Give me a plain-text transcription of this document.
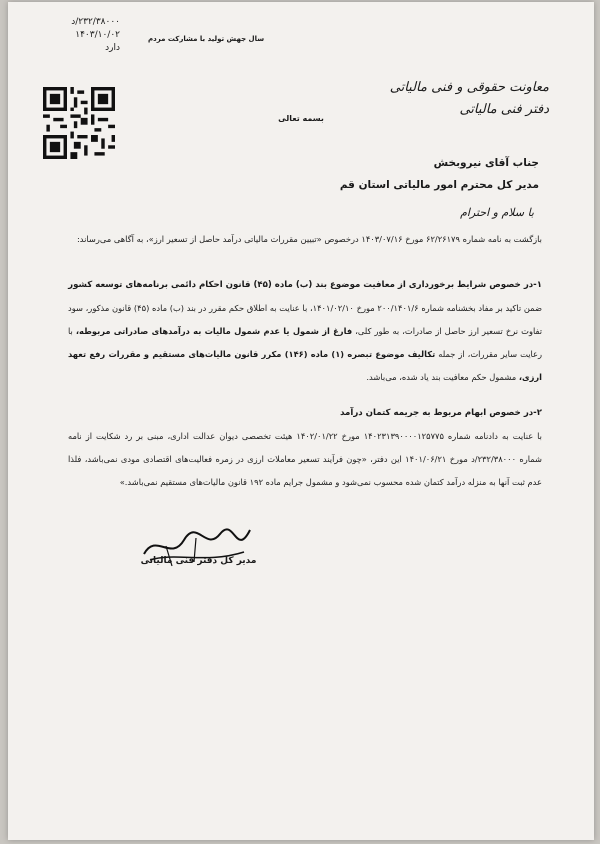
۲۳۲/۳۸۰۰۰/د
۱۴۰۳/۱۰/۰۲
دارد
سال جهش تولید با مشارکت مردم
معاونت حقوقی و فنی مالیاتی
دفتر فنی مالیاتی
بسمه تعالی
جناب آقای نیروبخش
مدیر کل محترم امور مالیاتی استان قم
با سلام و احترام
بازگشت به نامه شماره ۶۲/۲۶۱۷۹ مورخ ۱۴۰۳/۰۷/۱۶ درخصوص «تبیین مقررات مالیاتی درآمد حاصل از تسعیر ارز»، به آگاهی می‌رساند:
۱-در خصوص شرایط برخورداری از معافیت موضوع بند (ب) ماده (۴۵) قانون احکام دائمی برنامه‌های توسعه کشور
ضمن تاکید بر مفاد بخشنامه شماره ۲۰۰/۱۴۰۱/۶ مورخ ۱۴۰۱/۰۲/۱۰، با عنایت به اطلاق حکم مقرر در بند (ب) ماده (۴۵) قانون مذکور، سود تفاوت نرخ تسعیر ارز حاصل از صادرات، به طور کلی، فارغ از شمول یا عدم شمول مالیات به درآمدهای صادراتی مربوطه، با رعایت سایر مقررات، از جمله تکالیف موضوع تبصره (۱) ماده (۱۴۶) مکرر قانون مالیات‌های مستقیم و مقررات رفع تعهد ارزی، مشمول حکم معافیت بند یاد شده، می‌باشد.
۲-در خصوص ابهام مربوط به جریمه کتمان درآمد
با عنایت به دادنامه شماره ۱۴۰۲۳۱۳۹۰۰۰۰۱۲۵۷۷۵ مورخ ۱۴۰۲/۰۱/۲۲ هیئت تخصصی دیوان عدالت اداری، مبنی بر رد شکایت از نامه شماره ۲۳۲/۳۸۰۰۰/د مورخ ۱۴۰۱/۰۶/۲۱ این دفتر، «چون فرآیند تسعیر معاملات ارزی در زمره فعالیت‌های اقتصادی مودی نمی‌باشد، فلذا عدم ثبت آنها به منزله درآمد کتمان شده محسوب نمی‌شود و مشمول جرایم ماده ۱۹۲ قانون مالیات‌های مستقیم نمی‌باشد.»
مدیر کل دفتر فنی مالیاتی
